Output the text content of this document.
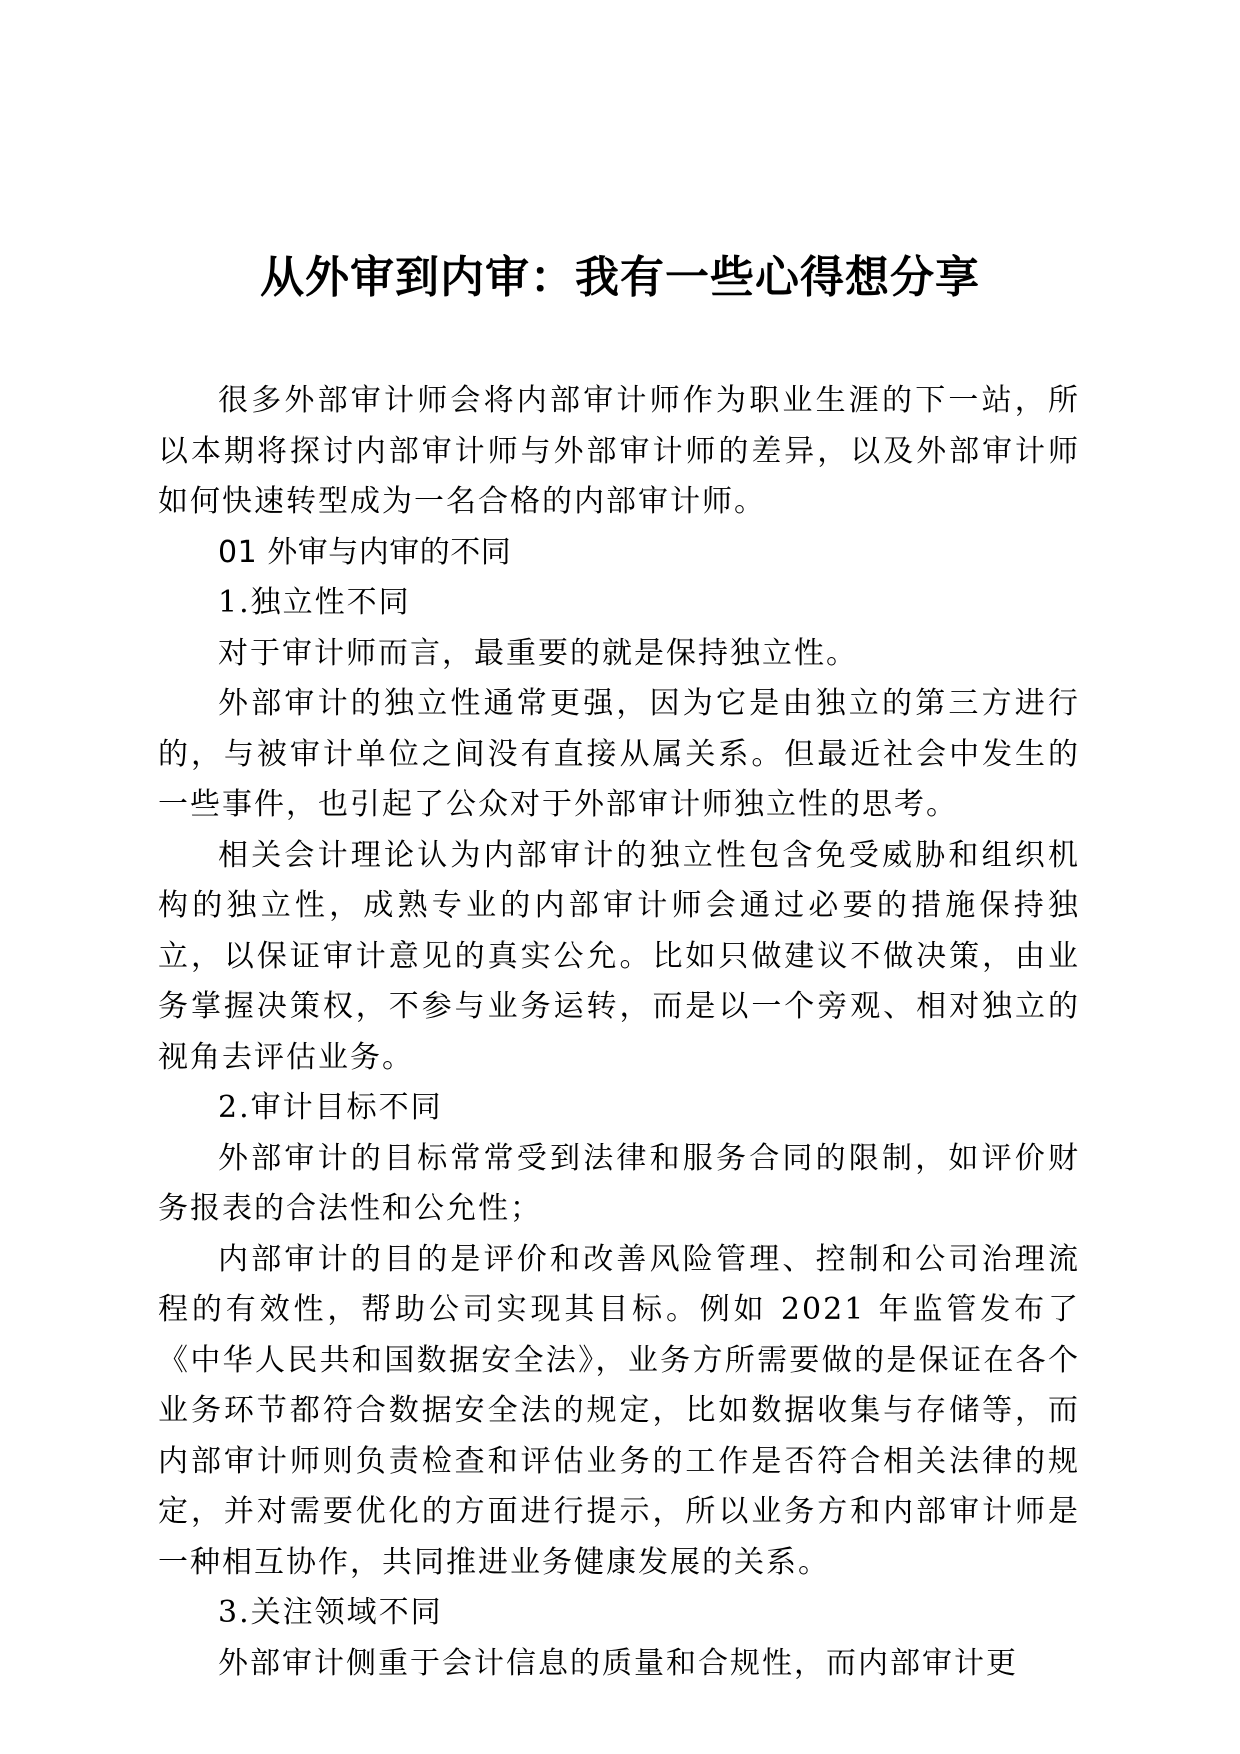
从外审到内审：我有一些心得想分享

很多外部审计师会将内部审计师作为职业生涯的下一站，所以本期将探讨内部审计师与外部审计师的差异，以及外部审计师如何快速转型成为一名合格的内部审计师。

01 外审与内审的不同

1.独立性不同

对于审计师而言，最重要的就是保持独立性。

外部审计的独立性通常更强，因为它是由独立的第三方进行的，与被审计单位之间没有直接从属关系。但最近社会中发生的一些事件，也引起了公众对于外部审计师独立性的思考。

相关会计理论认为内部审计的独立性包含免受威胁和组织机构的独立性，成熟专业的内部审计师会通过必要的措施保持独立，以保证审计意见的真实公允。比如只做建议不做决策，由业务掌握决策权，不参与业务运转，而是以一个旁观、相对独立的视角去评估业务。

2.审计目标不同

外部审计的目标常常受到法律和服务合同的限制，如评价财务报表的合法性和公允性；

内部审计的目的是评价和改善风险管理、控制和公司治理流程的有效性，帮助公司实现其目标。例如 2021 年监管发布了《中华人民共和国数据安全法》，业务方所需要做的是保证在各个业务环节都符合数据安全法的规定，比如数据收集与存储等，而内部审计师则负责检查和评估业务的工作是否符合相关法律的规定，并对需要优化的方面进行提示，所以业务方和内部审计师是一种相互协作，共同推进业务健康发展的关系。

3.关注领域不同

外部审计侧重于会计信息的质量和合规性，而内部审计更
